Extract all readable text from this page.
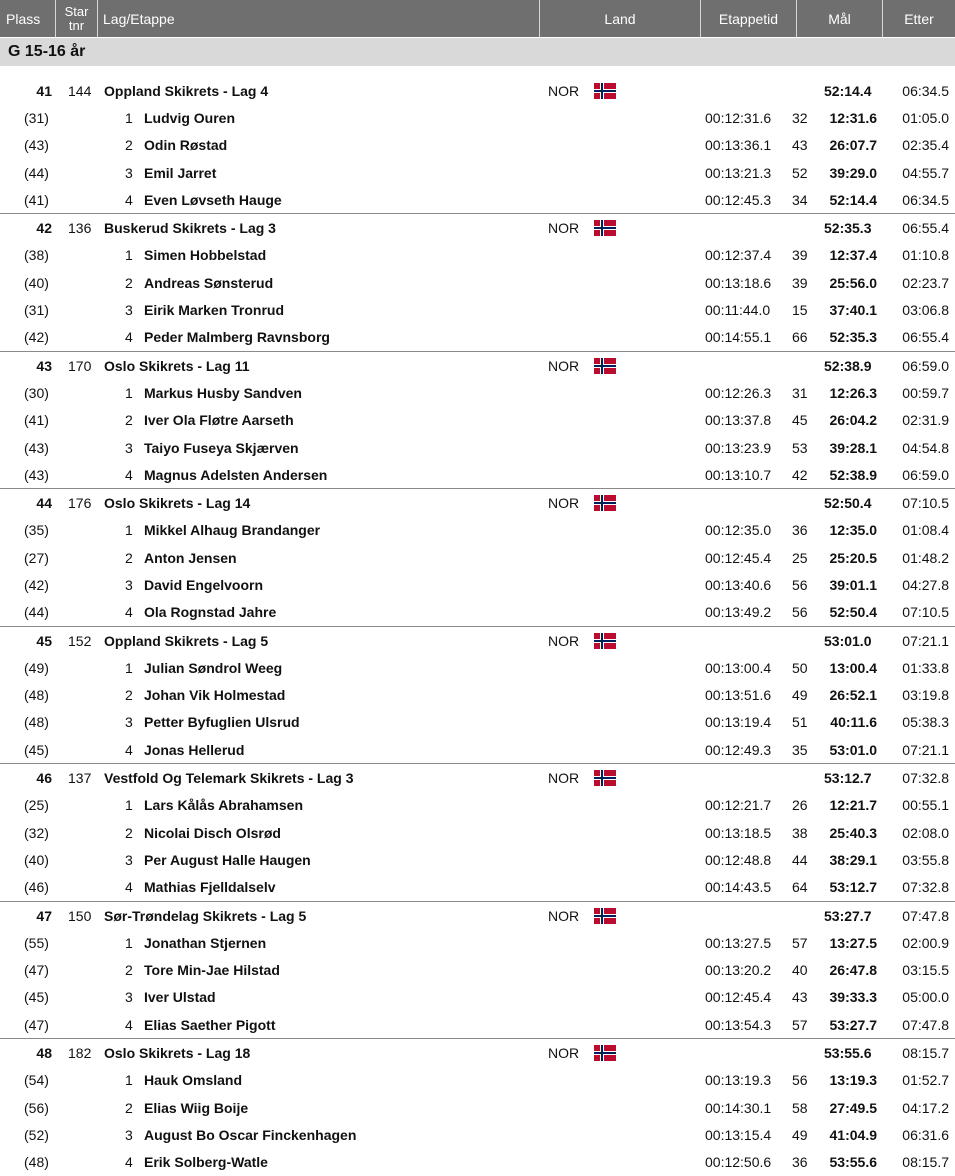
Plass Star
tnr Lag/Etappe	Land	Etappetid	Mål	Etter
G 15-16 år
41 144 Oppland Skikrets - Lag 4	NOR	52:14.4 06:34.5
(31)	1 Ludvig Ouren	00:12:31.6 32 12:31.6 01:05.0
(43)	2 Odin Røstad	00:13:36.1 43 26:07.7 02:35.4
(44)	3 Emil Jarret	00:13:21.3 52 39:29.0 04:55.7
(41)	4 Even Løvseth Hauge	00:12:45.3 34 52:14.4 06:34.5
42 136 Buskerud Skikrets - Lag 3	NOR	52:35.3 06:55.4
(38)	1 Simen Hobbelstad	00:12:37.4 39 12:37.4 01:10.8
(40)	2 Andreas Sønsterud	00:13:18.6 39 25:56.0 02:23.7
(31)	3 Eirik Marken Tronrud	00:11:44.0 15 37:40.1 03:06.8
(42)	4 Peder Malmberg Ravnsborg	00:14:55.1 66 52:35.3 06:55.4
43 170 Oslo Skikrets - Lag 11	NOR	52:38.9 06:59.0
(30)	1 Markus Husby Sandven	00:12:26.3 31 12:26.3 00:59.7
(41)	2 Iver Ola Fløtre Aarseth	00:13:37.8 45 26:04.2 02:31.9
(43)	3 Taiyo Fuseya Skjærven	00:13:23.9 53 39:28.1 04:54.8
(43)	4 Magnus Adelsten Andersen	00:13:10.7 42 52:38.9 06:59.0
44 176 Oslo Skikrets - Lag 14	NOR	52:50.4 07:10.5
(35)	1 Mikkel Alhaug Brandanger	00:12:35.0 36 12:35.0 01:08.4
(27)	2 Anton Jensen	00:12:45.4 25 25:20.5 01:48.2
(42)	3 David Engelvoorn	00:13:40.6 56 39:01.1 04:27.8
(44)	4 Ola Rognstad Jahre	00:13:49.2 56 52:50.4 07:10.5
45 152 Oppland Skikrets - Lag 5	NOR	53:01.0 07:21.1
(49)	1 Julian Søndrol Weeg	00:13:00.4 50 13:00.4 01:33.8
(48)	2 Johan Vik Holmestad	00:13:51.6 49 26:52.1 03:19.8
(48)	3 Petter Byfuglien Ulsrud	00:13:19.4 51 40:11.6 05:38.3
(45)	4 Jonas Hellerud	00:12:49.3 35 53:01.0 07:21.1
46 137 Vestfold Og Telemark Skikrets - Lag 3	NOR	53:12.7 07:32.8
(25)	1 Lars Kålås Abrahamsen	00:12:21.7 26 12:21.7 00:55.1
(32)	2 Nicolai Disch Olsrød	00:13:18.5 38 25:40.3 02:08.0
(40)	3 Per August Halle Haugen	00:12:48.8 44 38:29.1 03:55.8
(46)	4 Mathias Fjelldalselv	00:14:43.5 64 53:12.7 07:32.8
47 150 Sør-Trøndelag Skikrets - Lag 5	NOR	53:27.7 07:47.8
(55)	1 Jonathan Stjernen	00:13:27.5 57 13:27.5 02:00.9
(47)	2 Tore Min-Jae Hilstad	00:13:20.2 40 26:47.8 03:15.5
(45)	3 Iver Ulstad	00:12:45.4 43 39:33.3 05:00.0
(47)	4 Elias Saether Pigott	00:13:54.3 57 53:27.7 07:47.8
48 182 Oslo Skikrets - Lag 18	NOR	53:55.6 08:15.7
(54)	1 Hauk Omsland	00:13:19.3 56 13:19.3 01:52.7
(56)	2 Elias Wiig Boije	00:14:30.1 58 27:49.5 04:17.2
(52)	3 August Bo Oscar Finckenhagen	00:13:15.4 49 41:04.9 06:31.6
(48)	4 Erik Solberg-Watle	00:12:50.6 36 53:55.6 08:15.7
